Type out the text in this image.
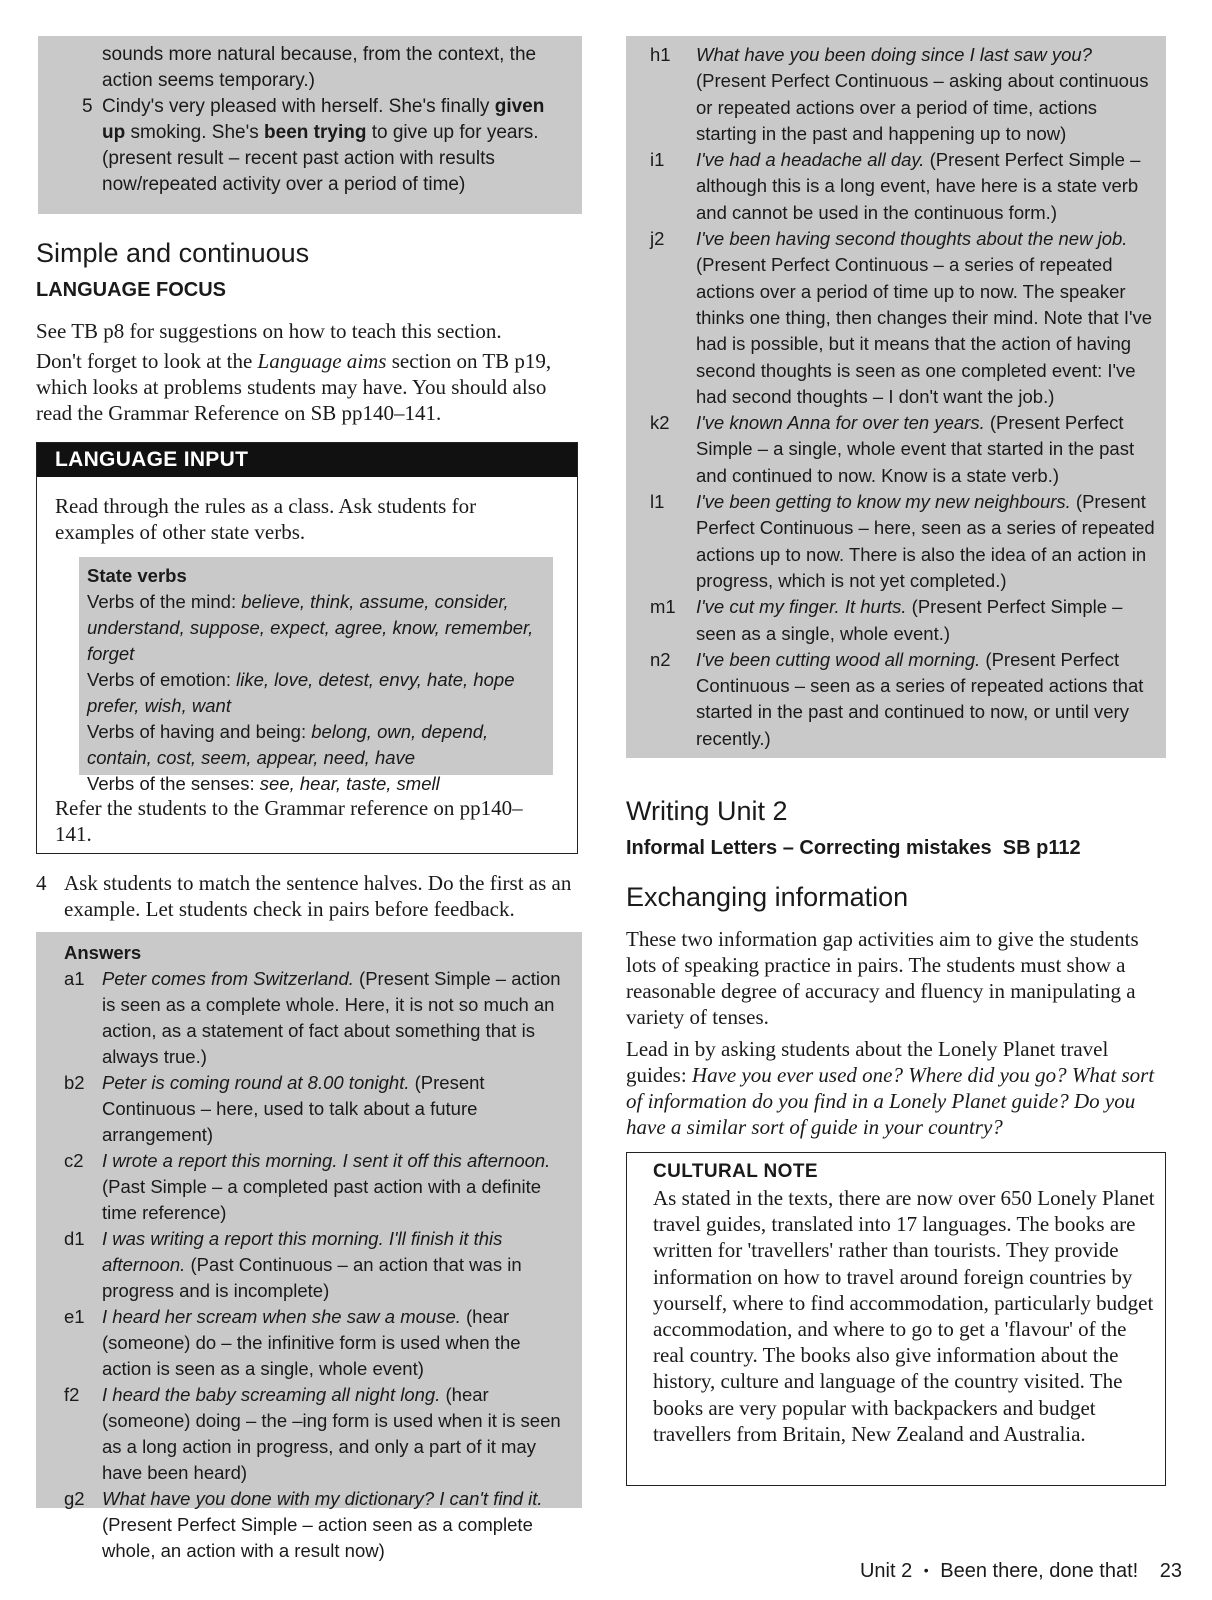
sounds more natural because, from the context, the action seems temporary.)
5 Cindy's very pleased with herself. She's finally given up smoking. She's been trying to give up for years. (present result – recent past action with results now/repeated activity over a period of time)
Simple and continuous
LANGUAGE FOCUS

See TB p8 for suggestions on how to teach this section.

Don't forget to look at the Language aims section on TB p19, which looks at problems students may have. You should also read the Grammar Reference on SB pp140–141.

LANGUAGE INPUT

Read through the rules as a class. Ask students for examples of other state verbs.

State verbs
Verbs of the mind: believe, think, assume, consider, understand, suppose, expect, agree, know, remember, forget
Verbs of emotion: like, love, detest, envy, hate, hope prefer, wish, want
Verbs of having and being: belong, own, depend, contain, cost, seem, appear, need, have
Verbs of the senses: see, hear, taste, smell

Refer the students to the Grammar reference on pp140–141.

4 Ask students to match the sentence halves. Do the first as an example. Let students check in pairs before feedback.

Answers
a1 Peter comes from Switzerland. (Present Simple – action is seen as a complete whole. Here, it is not so much an action, as a statement of fact about something that is always true.)
b2 Peter is coming round at 8.00 tonight. (Present Continuous – here, used to talk about a future arrangement)
c2 I wrote a report this morning. I sent it off this afternoon. (Past Simple – a completed past action with a definite time reference)
d1 I was writing a report this morning. I'll finish it this afternoon. (Past Continuous – an action that was in progress and is incomplete)
e1 I heard her scream when she saw a mouse. (hear (someone) do – the infinitive form is used when the action is seen as a single, whole event)
f2 I heard the baby screaming all night long. (hear (someone) doing – the –ing form is used when it is seen as a long action in progress, and only a part of it may have been heard)
g2 What have you done with my dictionary? I can't find it. (Present Perfect Simple – action seen as a complete whole, an action with a result now)
h1 What have you been doing since I last saw you? (Present Perfect Continuous – asking about continuous or repeated actions over a period of time, actions starting in the past and happening up to now)
i1 I've had a headache all day. (Present Perfect Simple – although this is a long event, have here is a state verb and cannot be used in the continuous form.)
j2 I've been having second thoughts about the new job. (Present Perfect Continuous – a series of repeated actions over a period of time up to now. The speaker thinks one thing, then changes their mind. Note that I've had is possible, but it means that the action of having second thoughts is seen as one completed event: I've had second thoughts – I don't want the job.)
k2 I've known Anna for over ten years. (Present Perfect Simple – a single, whole event that started in the past and continued to now. Know is a state verb.)
l1 I've been getting to know my new neighbours. (Present Perfect Continuous – here, seen as a series of repeated actions up to now. There is also the idea of an action in progress, which is not yet completed.)
m1 I've cut my finger. It hurts. (Present Perfect Simple – seen as a single, whole event.)
n2 I've been cutting wood all morning. (Present Perfect Continuous – seen as a series of repeated actions that started in the past and continued to now, or until very recently.)
Writing Unit 2
Informal Letters – Correcting mistakes  SB p112
Exchanging information

These two information gap activities aim to give the students lots of speaking practice in pairs. The students must show a reasonable degree of accuracy and fluency in manipulating a variety of tenses.

Lead in by asking students about the Lonely Planet travel guides: Have you ever used one? Where did you go? What sort of information do you find in a Lonely Planet guide? Do you have a similar sort of guide in your country?

CULTURAL NOTE
As stated in the texts, there are now over 650 Lonely Planet travel guides, translated into 17 languages. The books are written for 'travellers' rather than tourists. They provide information on how to travel around foreign countries by yourself, where to find accommodation, particularly budget accommodation, and where to go to get a 'flavour' of the real country. The books also give information about the history, culture and language of the country visited. The books are very popular with backpackers and budget travellers from Britain, New Zealand and Australia.
Unit 2 • Been there, done that! 23
